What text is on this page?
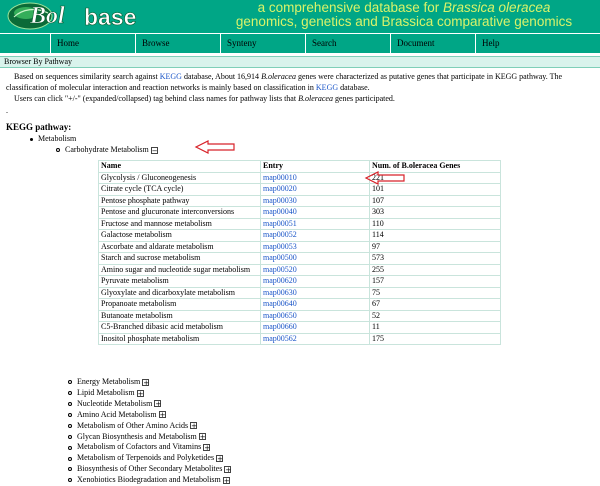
Bol base	a comprehensive database for Brassica oleracea
genomics, genetics and Brassica comparative genomics
Home	Browse	Synteny	Search	Document	Help
Browser By Pathway

Based on sequences similarity search against KEGG database, About 16,914 B.oleracea genes were characterized as putative genes that participate in KEGG pathway. The classification of molecular interaction and reaction networks is mainly based on classification in KEGG database.

Users can click "+/-" (expanded/collapsed) tag behind class names for pathway lists that B.oleracea genes participated.

.
KEGG pathway:
Metabolism
Carbohydrate Metabolism −
Name	Entry	Num. of B.oleracea Genes
Glycolysis / Gluconeogenesis	map00010	221
Citrate cycle (TCA cycle)	map00020	101
Pentose phosphate pathway	map00030	107
Pentose and glucuronate interconversions	map00040	303
Fructose and mannose metabolism	map00051	110
Galactose metabolism	map00052	114
Ascorbate and aldarate metabolism	map00053	97
Starch and sucrose metabolism	map00500	573
Amino sugar and nucleotide sugar metabolism	map00520	255
Pyruvate metabolism	map00620	157
Glyoxylate and dicarboxylate metabolism	map00630	75
Propanoate metabolism	map00640	67
Butanoate metabolism	map00650	52
C5-Branched dibasic acid metabolism	map00660	11
Inositol phosphate metabolism	map00562	175
Energy Metabolism +
Lipid Metabolism +
Nucleotide Metabolism +
Amino Acid Metabolism +
Metabolism of Other Amino Acids +
Glycan Biosynthesis and Metabolism +
Metabolism of Cofactors and Vitamins +
Metabolism of Terpenoids and Polyketides +
Biosynthesis of Other Secondary Metabolites +
Xenobiotics Biodegradation and Metabolism +
